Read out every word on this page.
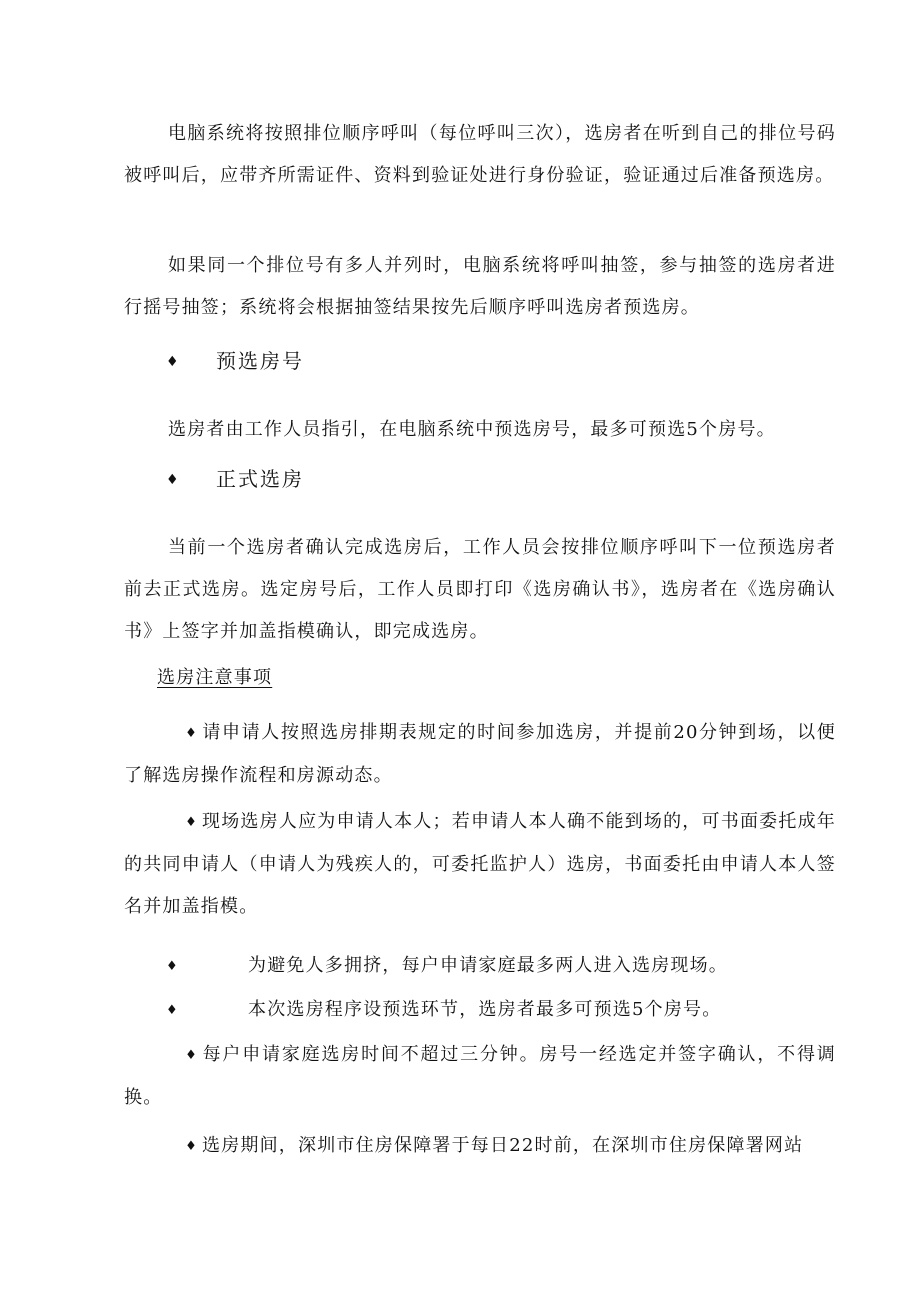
电脑系统将按照排位顺序呼叫（每位呼叫三次），选房者在听到自己的排位号码被呼叫后，应带齐所需证件、资料到验证处进行身份验证，验证通过后准备预选房。

如果同一个排位号有多人并列时，电脑系统将呼叫抽签，参与抽签的选房者进行摇号抽签；系统将会根据抽签结果按先后顺序呼叫选房者预选房。

♦ 预选房号

选房者由工作人员指引，在电脑系统中预选房号，最多可预选5个房号。

♦ 正式选房

当前一个选房者确认完成选房后，工作人员会按排位顺序呼叫下一位预选房者前去正式选房。选定房号后，工作人员即打印《选房确认书》，选房者在《选房确认书》上签字并加盖指模确认，即完成选房。

选房注意事项

♦ 请申请人按照选房排期表规定的时间参加选房，并提前20分钟到场，以便了解选房操作流程和房源动态。

♦ 现场选房人应为申请人本人；若申请人本人确不能到场的，可书面委托成年的共同申请人（申请人为残疾人的，可委托监护人）选房，书面委托由申请人本人签名并加盖指模。

♦	为避免人多拥挤，每户申请家庭最多两人进入选房现场。

♦	本次选房程序设预选环节，选房者最多可预选5个房号。

♦ 每户申请家庭选房时间不超过三分钟。房号一经选定并签字确认，不得调换。

♦ 选房期间，深圳市住房保障署于每日22时前，在深圳市住房保障署网站
